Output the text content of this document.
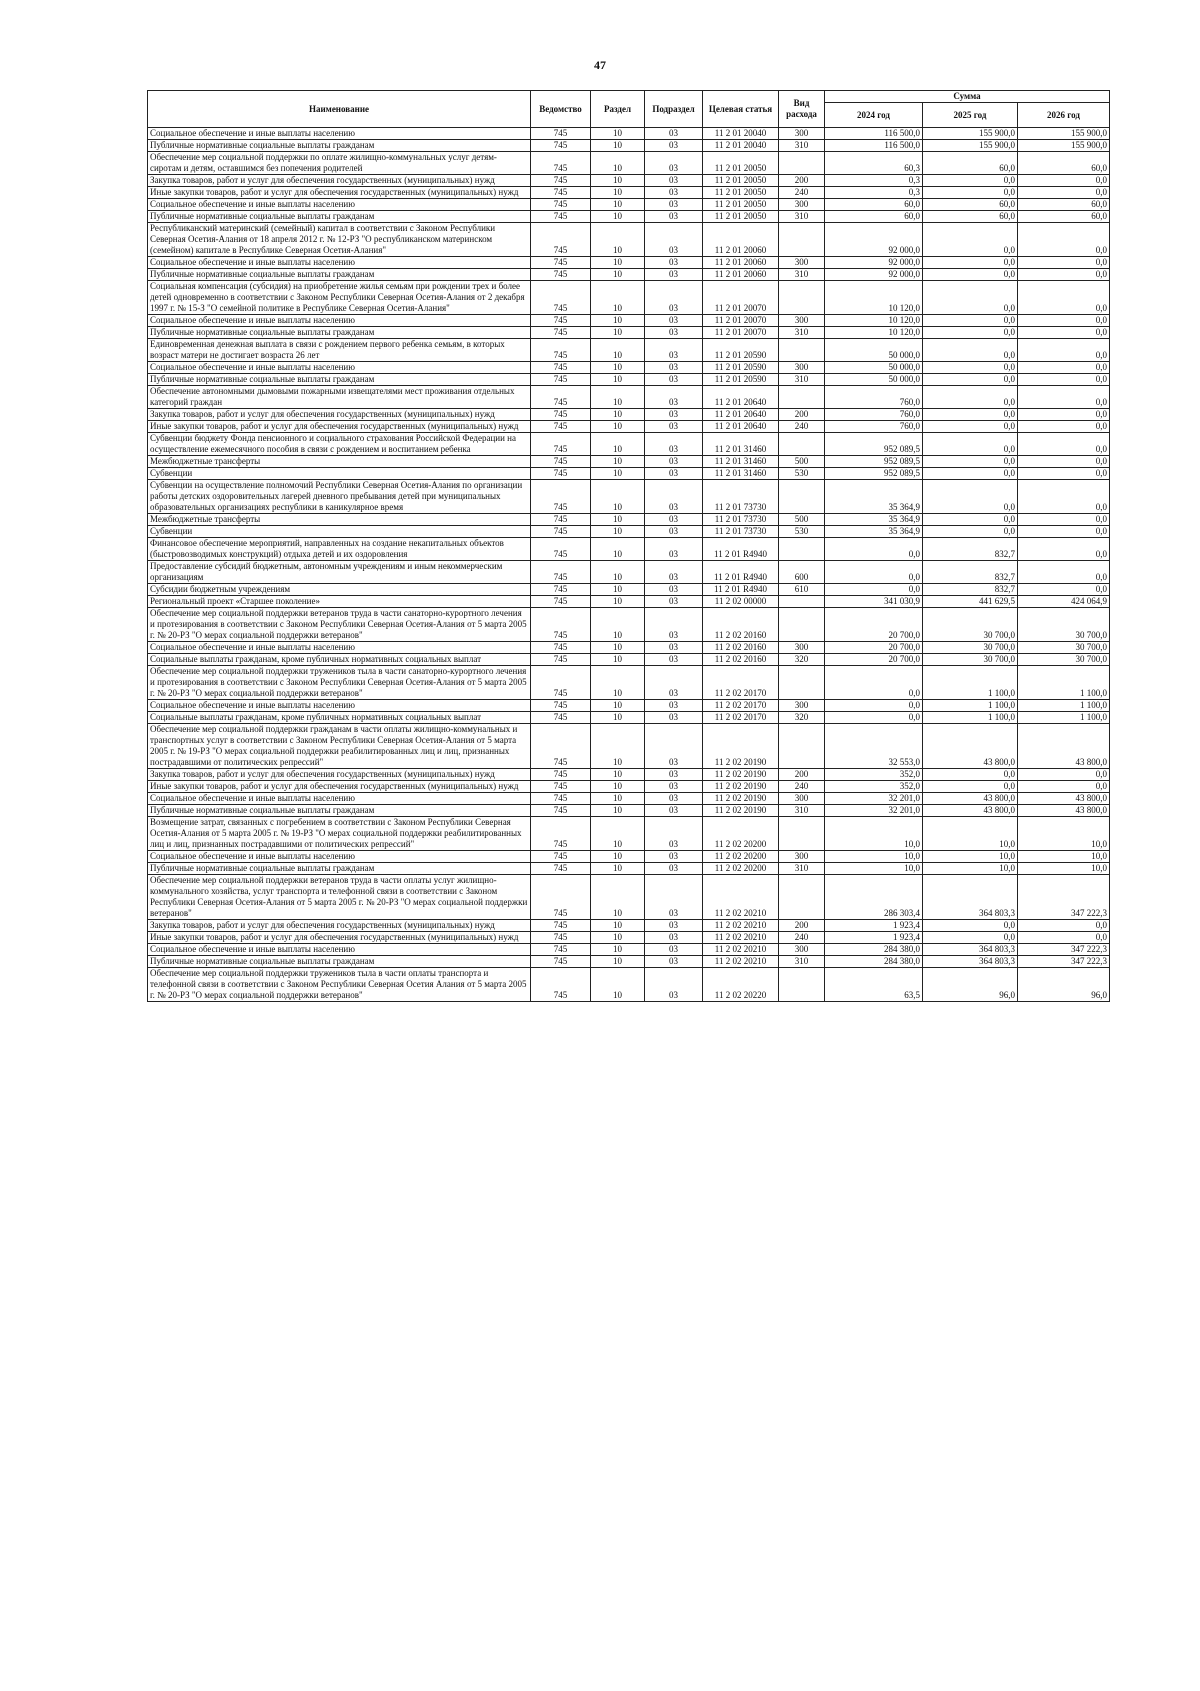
47
Наименование	Ведомство	Раздел	Подраздел	Целевая статья	Вид расхода	Сумма		
						2024 год	2025 год	2026 год
Социальное обеспечение и иные выплаты населению	745	10	03	11 2 01 20040	300	116 500,0	155 900,0	155 900,0
Публичные нормативные социальные выплаты гражданам	745	10	03	11 2 01 20040	310	116 500,0	155 900,0	155 900,0
Обеспечение мер социальной поддержки по оплате жилищно-коммунальных услуг детям-сиротам и детям, оставшимся без попечения родителей	745	10	03	11 2 01 20050		60,3	60,0	60,0
Закупка товаров, работ и услуг для обеспечения государственных (муниципальных) нужд	745	10	03	11 2 01 20050	200	0,3	0,0	0,0
Иные закупки товаров, работ и услуг для обеспечения государственных (муниципальных) нужд	745	10	03	11 2 01 20050	240	0,3	0,0	0,0
Социальное обеспечение и иные выплаты населению	745	10	03	11 2 01 20050	300	60,0	60,0	60,0
Публичные нормативные социальные выплаты гражданам	745	10	03	11 2 01 20050	310	60,0	60,0	60,0
Республиканский материнский (семейный) капитал в соответствии с Законом Республики Северная Осетия-Алания от 18 апреля 2012 г. № 12-РЗ "О республиканском материнском (семейном) капитале в Республике Северная Осетия-Алания"	745	10	03	11 2 01 20060		92 000,0	0,0	0,0
Социальное обеспечение и иные выплаты населению	745	10	03	11 2 01 20060	300	92 000,0	0,0	0,0
Публичные нормативные социальные выплаты гражданам	745	10	03	11 2 01 20060	310	92 000,0	0,0	0,0
Социальная компенсация (субсидия) на приобретение жилья семьям при рождении трех и более детей одновременно в соответствии с Законом Республики Северная Осетия-Алания от 2 декабря 1997 г. № 15-З "О семейной политике в Республике Северная Осетия-Алания"	745	10	03	11 2 01 20070		10 120,0	0,0	0,0
Социальное обеспечение и иные выплаты населению	745	10	03	11 2 01 20070	300	10 120,0	0,0	0,0
Публичные нормативные социальные выплаты гражданам	745	10	03	11 2 01 20070	310	10 120,0	0,0	0,0
Единовременная денежная выплата в связи с рождением первого ребенка семьям, в которых возраст матери не достигает возраста 26 лет	745	10	03	11 2 01 20590		50 000,0	0,0	0,0
Социальное обеспечение и иные выплаты населению	745	10	03	11 2 01 20590	300	50 000,0	0,0	0,0
Публичные нормативные социальные выплаты гражданам	745	10	03	11 2 01 20590	310	50 000,0	0,0	0,0
Обеспечение автономными дымовыми пожарными извещателями мест проживания отдельных категорий граждан	745	10	03	11 2 01 20640		760,0	0,0	0,0
Закупка товаров, работ и услуг для обеспечения государственных (муниципальных) нужд	745	10	03	11 2 01 20640	200	760,0	0,0	0,0
Иные закупки товаров, работ и услуг для обеспечения государственных (муниципальных) нужд	745	10	03	11 2 01 20640	240	760,0	0,0	0,0
Субвенции бюджету Фонда пенсионного и социального страхования Российской Федерации на осуществление ежемесячного пособия в связи с рождением и воспитанием ребенка	745	10	03	11 2 01 31460		952 089,5	0,0	0,0
Межбюджетные трансферты	745	10	03	11 2 01 31460	500	952 089,5	0,0	0,0
Субвенции	745	10	03	11 2 01 31460	530	952 089,5	0,0	0,0
Субвенции на осуществление полномочий Республики Северная Осетия-Алания по организации работы детских оздоровительных лагерей дневного пребывания детей при муниципальных образовательных организациях республики в каникулярное время	745	10	03	11 2 01 73730		35 364,9	0,0	0,0
Межбюджетные трансферты	745	10	03	11 2 01 73730	500	35 364,9	0,0	0,0
Субвенции	745	10	03	11 2 01 73730	530	35 364,9	0,0	0,0
Финансовое обеспечение мероприятий, направленных на создание некапитальных объектов (быстровозводимых конструкций) отдыха детей и их оздоровления	745	10	03	11 2 01 R4940		0,0	832,7	0,0
Предоставление субсидий бюджетным, автономным учреждениям и иным некоммерческим организациям	745	10	03	11 2 01 R4940	600	0,0	832,7	0,0
Субсидии бюджетным учреждениям	745	10	03	11 2 01 R4940	610	0,0	832,7	0,0
Региональный проект «Старшее поколение»	745	10	03	11 2 02 00000		341 030,9	441 629,5	424 064,9
Обеспечение мер социальной поддержки ветеранов труда в части санаторно-курортного лечения и протезирования в соответствии с Законом Республики Северная Осетия-Алания от 5 марта 2005 г. № 20-РЗ "О мерах социальной поддержки ветеранов"	745	10	03	11 2 02 20160		20 700,0	30 700,0	30 700,0
Социальное обеспечение и иные выплаты населению	745	10	03	11 2 02 20160	300	20 700,0	30 700,0	30 700,0
Социальные выплаты гражданам, кроме публичных нормативных социальных выплат	745	10	03	11 2 02 20160	320	20 700,0	30 700,0	30 700,0
Обеспечение мер социальной поддержки тружеников тыла в части санаторно-курортного лечения и протезирования в соответствии с Законом Республики Северная Осетия-Алания от 5 марта 2005 г. № 20-РЗ "О мерах социальной поддержки ветеранов"	745	10	03	11 2 02 20170		0,0	1 100,0	1 100,0
Социальное обеспечение и иные выплаты населению	745	10	03	11 2 02 20170	300	0,0	1 100,0	1 100,0
Социальные выплаты гражданам, кроме публичных нормативных социальных выплат	745	10	03	11 2 02 20170	320	0,0	1 100,0	1 100,0
Обеспечение мер социальной поддержки гражданам в части оплаты жилищно-коммунальных и транспортных услуг в соответствии с Законом Республики Северная Осетия-Алания от 5 марта 2005 г. № 19-РЗ "О мерах социальной поддержки реабилитированных лиц и лиц, признанных пострадавшими от политических репрессий"	745	10	03	11 2 02 20190		32 553,0	43 800,0	43 800,0
Закупка товаров, работ и услуг для обеспечения государственных (муниципальных) нужд	745	10	03	11 2 02 20190	200	352,0	0,0	0,0
Иные закупки товаров, работ и услуг для обеспечения государственных (муниципальных) нужд	745	10	03	11 2 02 20190	240	352,0	0,0	0,0
Социальное обеспечение и иные выплаты населению	745	10	03	11 2 02 20190	300	32 201,0	43 800,0	43 800,0
Публичные нормативные социальные выплаты гражданам	745	10	03	11 2 02 20190	310	32 201,0	43 800,0	43 800,0
Возмещение затрат, связанных с погребением в соответствии с Законом Республики Северная Осетия-Алания от 5 марта 2005 г. № 19-РЗ "О мерах социальной поддержки реабилитированных лиц и лиц, признанных пострадавшими от политических репрессий"	745	10	03	11 2 02 20200		10,0	10,0	10,0
Социальное обеспечение и иные выплаты населению	745	10	03	11 2 02 20200	300	10,0	10,0	10,0
Публичные нормативные социальные выплаты гражданам	745	10	03	11 2 02 20200	310	10,0	10,0	10,0
Обеспечение мер социальной поддержки ветеранов труда в части оплаты услуг жилищно-коммунального хозяйства, услуг транспорта и телефонной связи в соответствии с Законом Республики Северная Осетия-Алания от 5 марта 2005 г. № 20-РЗ "О мерах социальной поддержки ветеранов"	745	10	03	11 2 02 20210		286 303,4	364 803,3	347 222,3
Закупка товаров, работ и услуг для обеспечения государственных (муниципальных) нужд	745	10	03	11 2 02 20210	200	1 923,4	0,0	0,0
Иные закупки товаров, работ и услуг для обеспечения государственных (муниципальных) нужд	745	10	03	11 2 02 20210	240	1 923,4	0,0	0,0
Социальное обеспечение и иные выплаты населению	745	10	03	11 2 02 20210	300	284 380,0	364 803,3	347 222,3
Публичные нормативные социальные выплаты гражданам	745	10	03	11 2 02 20210	310	284 380,0	364 803,3	347 222,3
Обеспечение мер социальной поддержки тружеников тыла в части оплаты транспорта и телефонной связи в соответствии с Законом Республики Северная Осетия Алания от 5 марта 2005 г. № 20-РЗ "О мерах социальной поддержки ветеранов"	745	10	03	11 2 02 20220		63,5	96,0	96,0
